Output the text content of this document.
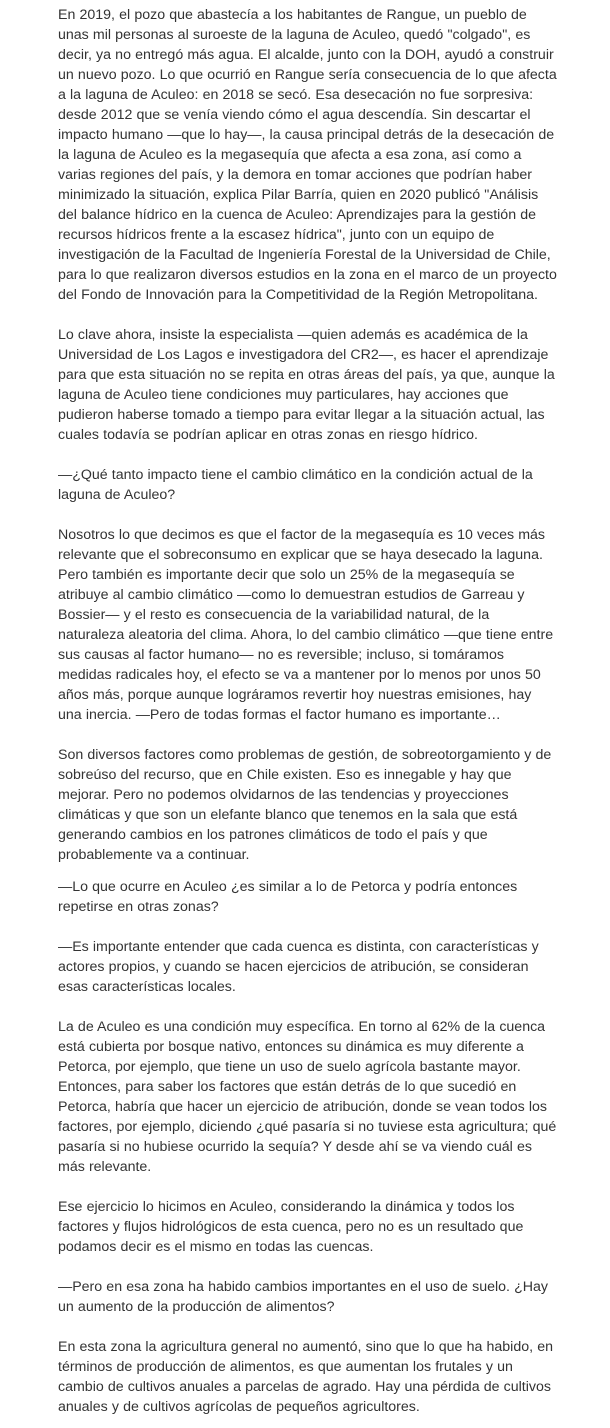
En 2019, el pozo que abastecía a los habitantes de Rangue, un pueblo de unas mil personas al suroeste de la laguna de Aculeo, quedó "colgado", es decir, ya no entregó más agua. El alcalde, junto con la DOH, ayudó a construir un nuevo pozo. Lo que ocurrió en Rangue sería consecuencia de lo que afecta a la laguna de Aculeo: en 2018 se secó. Esa desecación no fue sorpresiva: desde 2012 que se venía viendo cómo el agua descendía. Sin descartar el impacto humano —que lo hay—, la causa principal detrás de la desecación de la laguna de Aculeo es la megasequía que afecta a esa zona, así como a varias regiones del país, y la demora en tomar acciones que podrían haber minimizado la situación, explica Pilar Barría, quien en 2020 publicó "Análisis del balance hídrico en la cuenca de Aculeo: Aprendizajes para la gestión de recursos hídricos frente a la escasez hídrica", junto con un equipo de investigación de la Facultad de Ingeniería Forestal de la Universidad de Chile, para lo que realizaron diversos estudios en la zona en el marco de un proyecto del Fondo de Innovación para la Competitividad de la Región Metropolitana.

Lo clave ahora, insiste la especialista —quien además es académica de la Universidad de Los Lagos e investigadora del CR2—, es hacer el aprendizaje para que esta situación no se repita en otras áreas del país, ya que, aunque la laguna de Aculeo tiene condiciones muy particulares, hay acciones que pudieron haberse tomado a tiempo para evitar llegar a la situación actual, las cuales todavía se podrían aplicar en otras zonas en riesgo hídrico.

—¿Qué tanto impacto tiene el cambio climático en la condición actual de la laguna de Aculeo?

Nosotros lo que decimos es que el factor de la megasequía es 10 veces más relevante que el sobreconsumo en explicar que se haya desecado la laguna. Pero también es importante decir que solo un 25% de la megasequía se atribuye al cambio climático —como lo demuestran estudios de Garreau y Bossier— y el resto es consecuencia de la variabilidad natural, de la naturaleza aleatoria del clima. Ahora, lo del cambio climático —que tiene entre sus causas al factor humano— no es reversible; incluso, si tomáramos medidas radicales hoy, el efecto se va a mantener por lo menos por unos 50 años más, porque aunque lográramos revertir hoy nuestras emisiones, hay una inercia. —Pero de todas formas el factor humano es importante…

Son diversos factores como problemas de gestión, de sobreotorgamiento y de sobreúso del recurso, que en Chile existen. Eso es innegable y hay que mejorar. Pero no podemos olvidarnos de las tendencias y proyecciones climáticas y que son un elefante blanco que tenemos en la sala que está generando cambios en los patrones climáticos de todo el país y que probablemente va a continuar.

—Lo que ocurre en Aculeo ¿es similar a lo de Petorca y podría entonces repetirse en otras zonas?

—Es importante entender que cada cuenca es distinta, con características y actores propios, y cuando se hacen ejercicios de atribución, se consideran esas características locales.

La de Aculeo es una condición muy específica. En torno al 62% de la cuenca está cubierta por bosque nativo, entonces su dinámica es muy diferente a Petorca, por ejemplo, que tiene un uso de suelo agrícola bastante mayor. Entonces, para saber los factores que están detrás de lo que sucedió en Petorca, habría que hacer un ejercicio de atribución, donde se vean todos los factores, por ejemplo, diciendo ¿qué pasaría si no tuviese esta agricultura; qué pasaría si no hubiese ocurrido la sequía? Y desde ahí se va viendo cuál es más relevante.

Ese ejercicio lo hicimos en Aculeo, considerando la dinámica y todos los factores y flujos hidrológicos de esta cuenca, pero no es un resultado que podamos decir es el mismo en todas las cuencas.

—Pero en esa zona ha habido cambios importantes en el uso de suelo. ¿Hay un aumento de la producción de alimentos?

En esta zona la agricultura general no aumentó, sino que lo que ha habido, en términos de producción de alimentos, es que aumentan los frutales y un cambio de cultivos anuales a parcelas de agrado. Hay una pérdida de cultivos anuales y de cultivos agrícolas de pequeños agricultores.
